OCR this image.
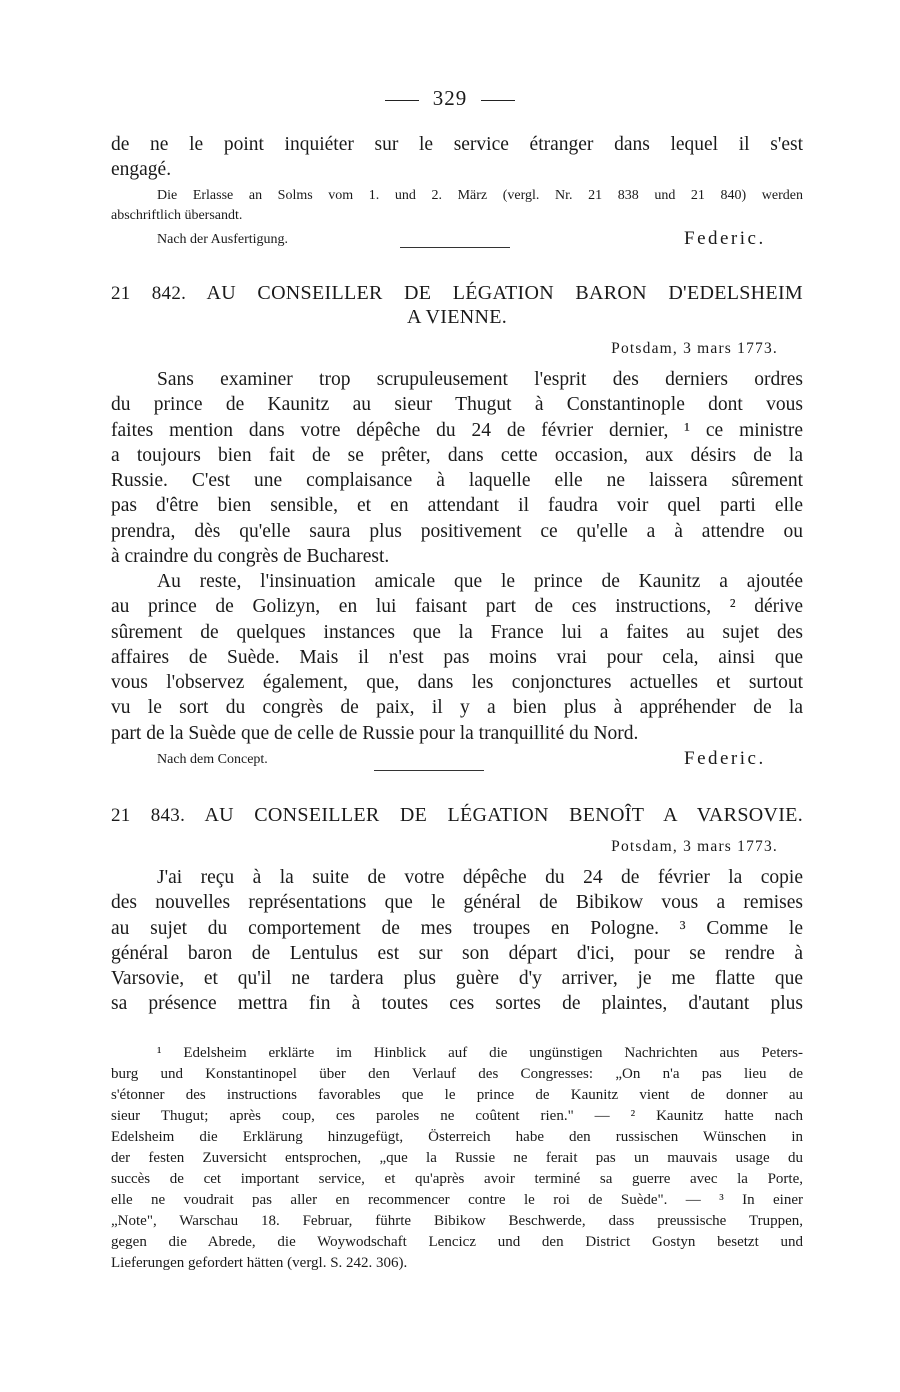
329
de ne le point inquiéter sur le service étranger dans lequel il s'est
engagé.
Die Erlasse an Solms vom 1. und 2. März (vergl. Nr. 21 838 und 21 840) werden
abschriftlich übersandt.
Nach der Ausfertigung.	Federic.
21 842. AU CONSEILLER DE LÉGATION BARON D'EDELSHEIM
A VIENNE.
Potsdam, 3 mars 1773.
Sans examiner trop scrupuleusement l'esprit des derniers ordres
du prince de Kaunitz au sieur Thugut à Constantinople dont vous
faites mention dans votre dépêche du 24 de février dernier, ¹ ce ministre
a toujours bien fait de se prêter, dans cette occasion, aux désirs de la
Russie. C'est une complaisance à laquelle elle ne laissera sûrement
pas d'être bien sensible, et en attendant il faudra voir quel parti elle
prendra, dès qu'elle saura plus positivement ce qu'elle a à attendre ou
à craindre du congrès de Bucharest.
Au reste, l'insinuation amicale que le prince de Kaunitz a ajoutée
au prince de Golizyn, en lui faisant part de ces instructions, ² dérive
sûrement de quelques instances que la France lui a faites au sujet des
affaires de Suède. Mais il n'est pas moins vrai pour cela, ainsi que
vous l'observez également, que, dans les conjonctures actuelles et surtout
vu le sort du congrès de paix, il y a bien plus à appréhender de la
part de la Suède que de celle de Russie pour la tranquillité du Nord.
Nach dem Concept.	Federic.
21 843. AU CONSEILLER DE LÉGATION BENOÎT A VARSOVIE.
Potsdam, 3 mars 1773.
J'ai reçu à la suite de votre dépêche du 24 de février la copie
des nouvelles représentations que le général de Bibikow vous a remises
au sujet du comportement de mes troupes en Pologne. ³ Comme le
général baron de Lentulus est sur son départ d'ici, pour se rendre à
Varsovie, et qu'il ne tardera plus guère d'y arriver, je me flatte que
sa présence mettra fin à toutes ces sortes de plaintes, d'autant plus
¹ Edelsheim erklärte im Hinblick auf die ungünstigen Nachrichten aus Peters-
burg und Konstantinopel über den Verlauf des Congresses: „On n'a pas lieu de
s'étonner des instructions favorables que le prince de Kaunitz vient de donner au
sieur Thugut; après coup, ces paroles ne coûtent rien." — ² Kaunitz hatte nach
Edelsheim die Erklärung hinzugefügt, Österreich habe den russischen Wünschen in
der festen Zuversicht entsprochen, „que la Russie ne ferait pas un mauvais usage du
succès de cet important service, et qu'après avoir terminé sa guerre avec la Porte,
elle ne voudrait pas aller en recommencer contre le roi de Suède". — ³ In einer
„Note", Warschau 18. Februar, führte Bibikow Beschwerde, dass preussische Truppen,
gegen die Abrede, die Woywodschaft Lencicz und den District Gostyn besetzt und
Lieferungen gefordert hätten (vergl. S. 242. 306).
